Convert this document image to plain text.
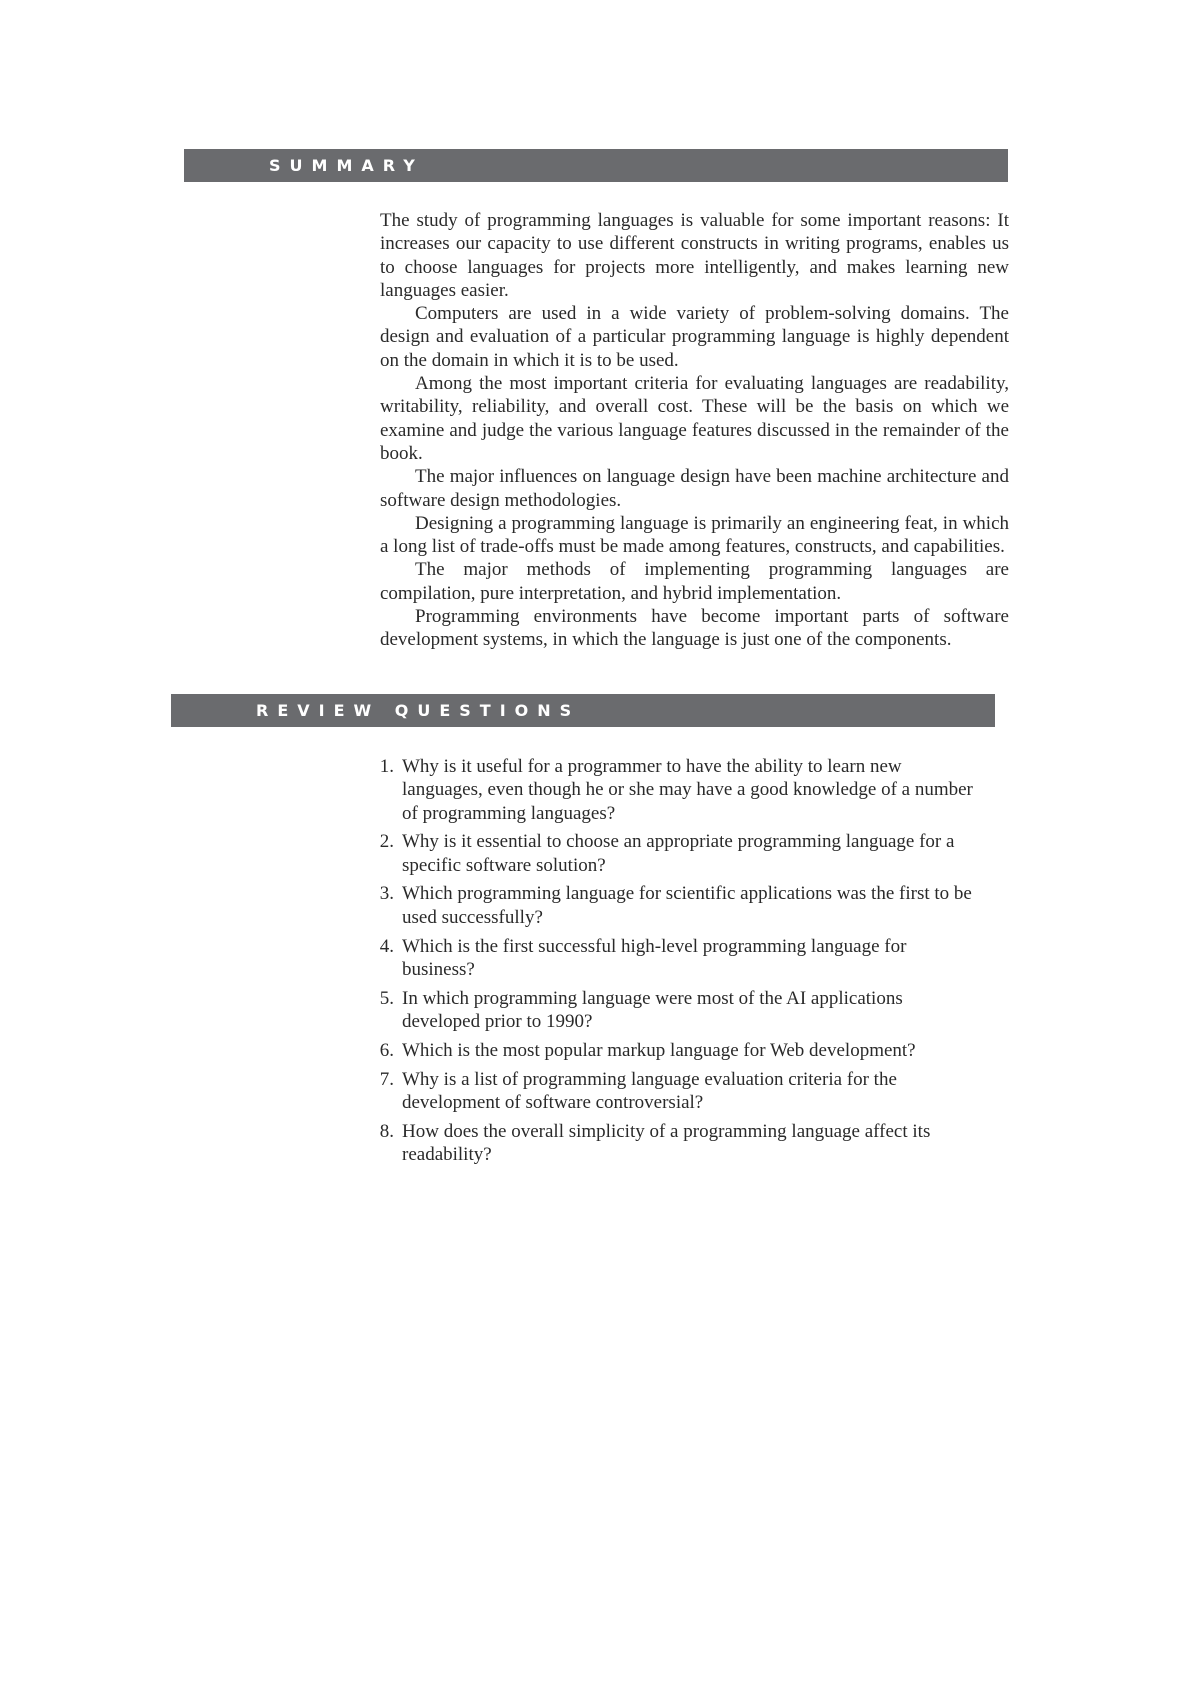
SUMMARY

The study of programming languages is valuable for some important reasons: It increases our capacity to use different constructs in writing programs, enables us to choose languages for projects more intelligently, and makes learning new languages easier.

Computers are used in a wide variety of problem-solving domains. The design and evaluation of a particular programming language is highly dependent on the domain in which it is to be used.

Among the most important criteria for evaluating languages are readability, writability, reliability, and overall cost. These will be the basis on which we examine and judge the various language features discussed in the remainder of the book.

The major influences on language design have been machine architecture and software design methodologies.

Designing a programming language is primarily an engineering feat, in which a long list of trade-offs must be made among features, constructs, and capabilities.

The major methods of implementing programming languages are compilation, pure interpretation, and hybrid implementation.

Programming environments have become important parts of software development systems, in which the language is just one of the components.

REVIEW QUESTIONS
1. Why is it useful for a programmer to have the ability to learn new languages, even though he or she may have a good knowledge of a number of programming languages?
2. Why is it essential to choose an appropriate programming language for a specific software solution?
3. Which programming language for scientific applications was the first to be used successfully?
4. Which is the first successful high-level programming language for business?
5. In which programming language were most of the AI applications developed prior to 1990?
6. Which is the most popular markup language for Web development?
7. Why is a list of programming language evaluation criteria for the development of software controversial?
8. How does the overall simplicity of a programming language affect its readability?
